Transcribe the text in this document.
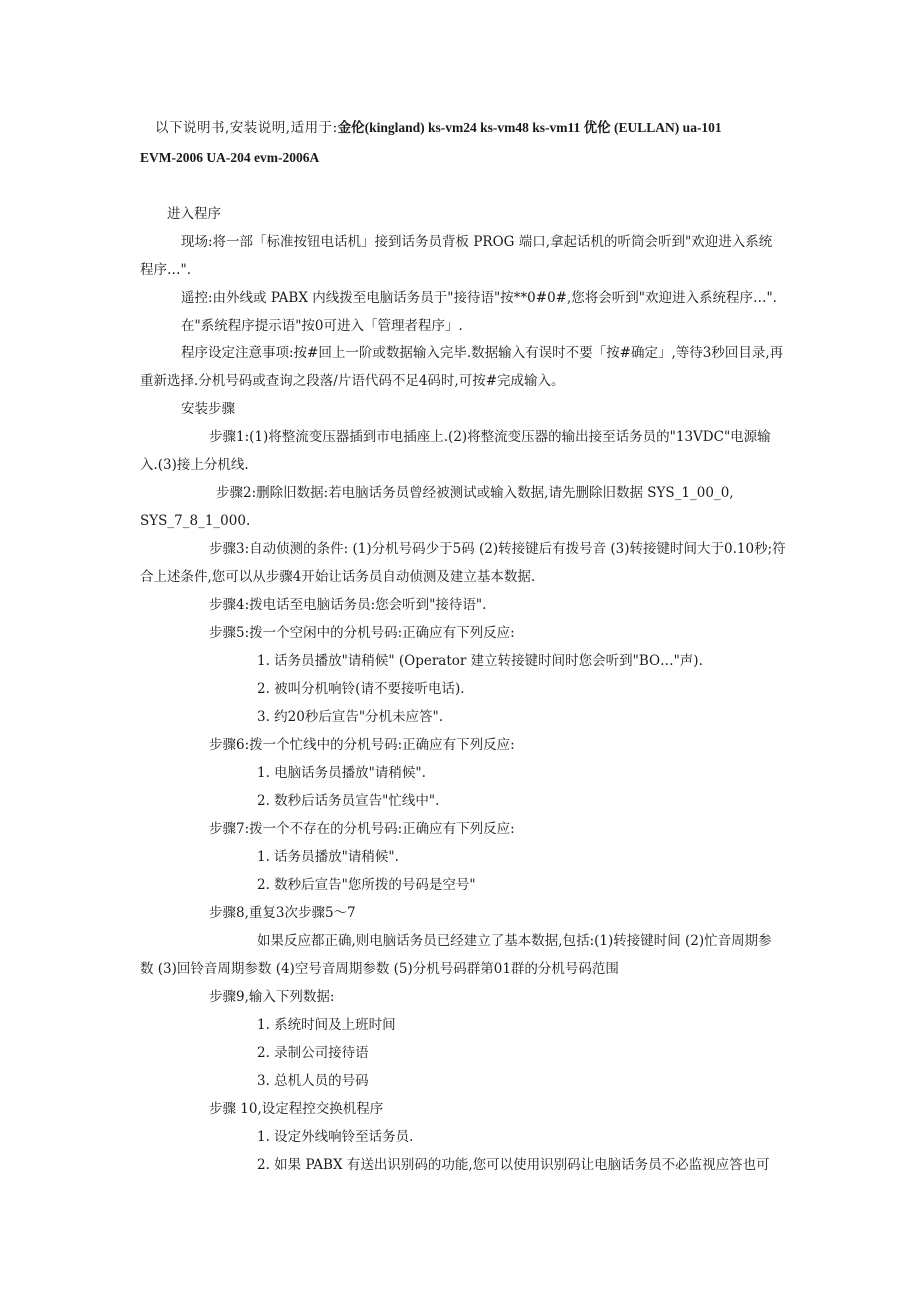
以下说明书,安装说明,适用于:金伦(kingland) ks-vm24 ks-vm48 ks-vm11 优伦 (EULLAN) ua-101
EVM-2006 UA-204 evm-2006A
进入程序
现场:将一部「标准按钮电话机」接到话务员背板 PROG 端口,拿起话机的听筒会听到"欢迎进入系统
程序…".
遥控:由外线或 PABX 内线拨至电脑话务员于"接待语"按**0#0#,您将会听到"欢迎进入系统程序…".
在"系统程序提示语"按0可进入「管理者程序」.
程序设定注意事项:按#回上一阶或数据输入完毕.数据输入有误时不要「按#确定」,等待3秒回目录,再
重新选择.分机号码或查询之段落/片语代码不足4码时,可按#完成输入。
安装步骤
步骤1:(1)将整流变压器插到市电插座上.(2)将整流变压器的输出接至话务员的"13VDC"电源输
入.(3)接上分机线.
步骤2:删除旧数据:若电脑话务员曾经被测试或输入数据,请先删除旧数据 SYS_1_00_0,
SYS_7_8_1_000.
步骤3:自动侦测的条件: (1)分机号码少于5码 (2)转接键后有拨号音 (3)转接键时间大于0.10秒;符
合上述条件,您可以从步骤4开始让话务员自动侦测及建立基本数据.
步骤4:拨电话至电脑话务员:您会听到"接待语".
步骤5:拨一个空闲中的分机号码:正确应有下列反应:
1. 话务员播放"请稍候" (Operator 建立转接键时间时您会听到"BO…"声).
2. 被叫分机响铃(请不要接听电话).
3. 约20秒后宣告"分机未应答".
步骤6:拨一个忙线中的分机号码:正确应有下列反应:
1. 电脑话务员播放"请稍候".
2. 数秒后话务员宣告"忙线中".
步骤7:拨一个不存在的分机号码:正确应有下列反应:
1. 话务员播放"请稍候".
2. 数秒后宣告"您所拨的号码是空号"
步骤8,重复3次步骤5～7
如果反应都正确,则电脑话务员已经建立了基本数据,包括:(1)转接键时间 (2)忙音周期参
数 (3)回铃音周期参数 (4)空号音周期参数 (5)分机号码群第01群的分机号码范围
步骤9,输入下列数据:
1. 系统时间及上班时间
2. 录制公司接待语
3. 总机人员的号码
步骤 10,设定程控交换机程序
1. 设定外线响铃至话务员.
2. 如果 PABX 有送出识别码的功能,您可以使用识别码让电脑话务员不必监视应答也可
